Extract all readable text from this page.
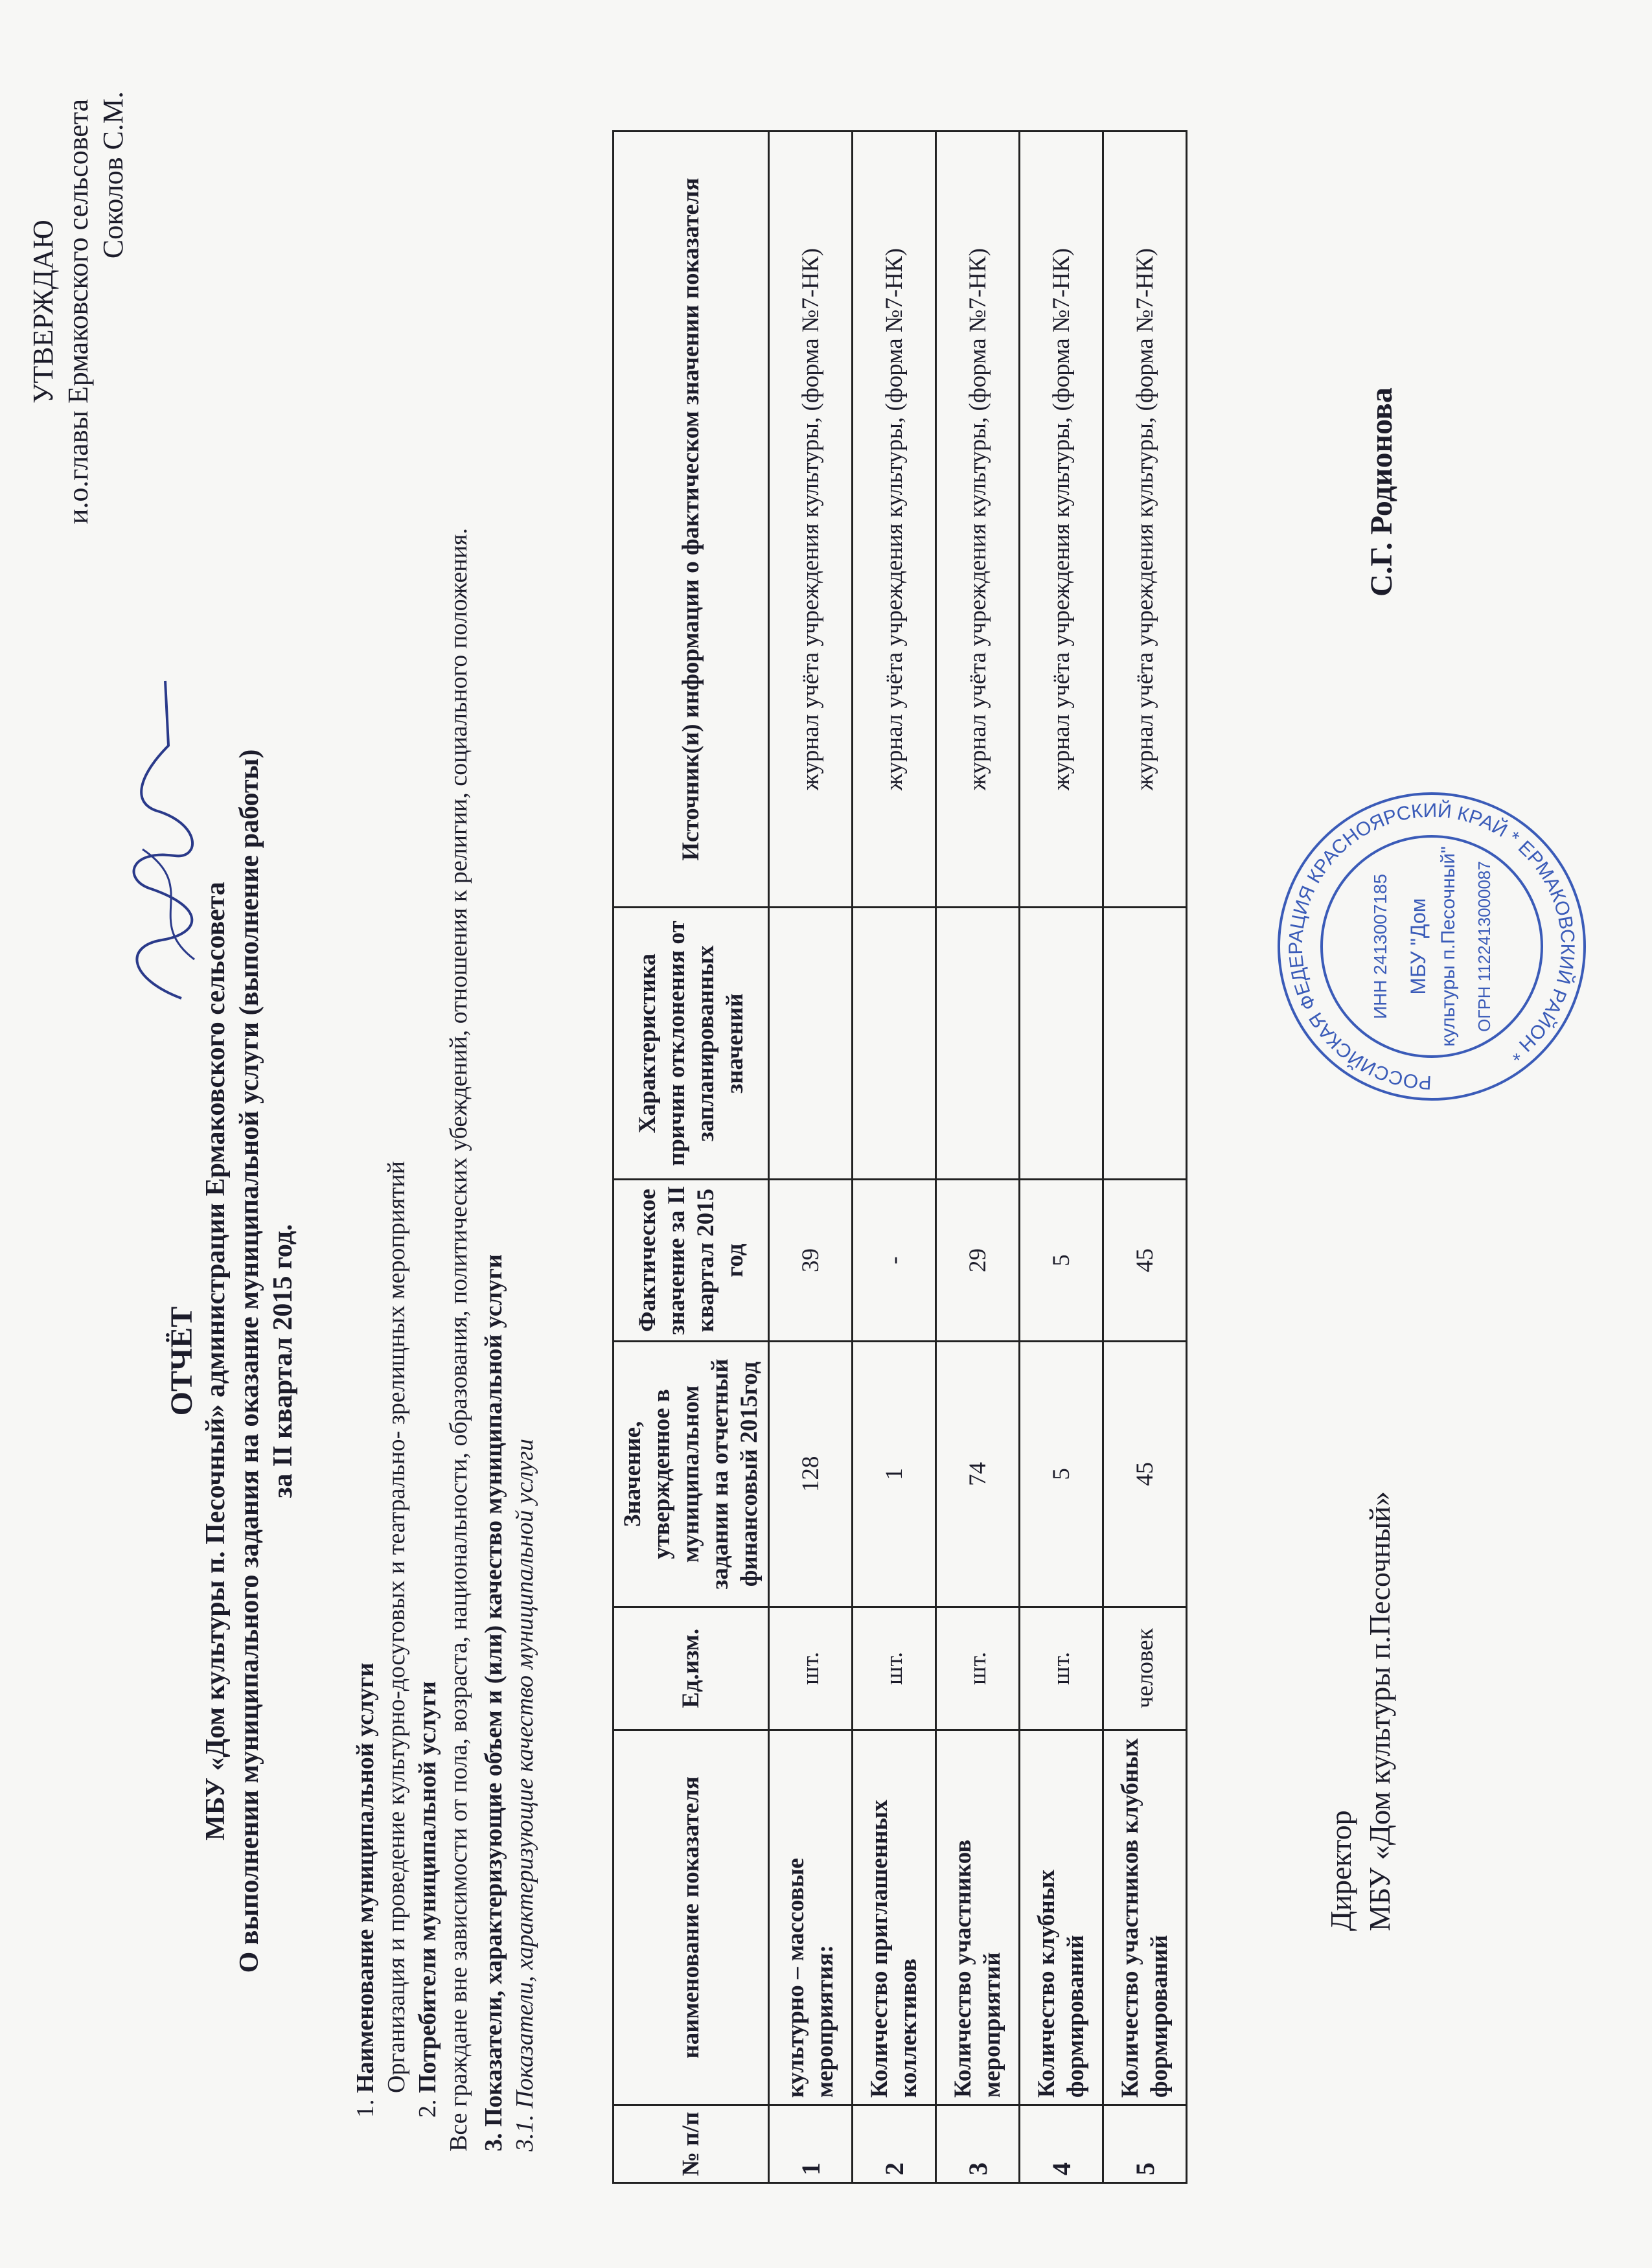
УТВЕРЖДАЮ и.о.главы Ермаковского сельсовета Соколов С.М.
ОТЧЁТ МБУ «Дом культуры п. Песочный» администрации Ермаковского сельсовета О выполнении муниципального задания на оказание муниципальной услуги (выполнение работы) за II квартал 2015 год.
1. Наименование муниципальной услуги Организация и проведение культурно-досуговых и театрально- зрелищных мероприятий 2. Потребители муниципальной услуги Все граждане вне зависимости от пола, возраста, национальности, образования, политических убеждений, отношения к религии, социального положения. 3. Показатели, характеризующие объем и (или) качество муниципальной услуги 3.1. Показатели, характеризующие качество муниципальной услуги	№ п/п	наименование показателя	Ед.изм.	Значение, утвержденное в муниципальном задании на отчетный финансовый 2015год	Фактическое значение за II квартал 2015 год	Характеристика причин отклонения от запланированных значений	Источник(и) информации о фактическом значении показателя
1	культурно – массовые мероприятия:	шт.	128	39		журнал учёта учреждения культуры, (форма №7-НК)
2	Количество приглашенных коллективов	шт.	1	-		журнал учёта учреждения культуры, (форма №7-НК)
3	Количество участников мероприятий	шт.	74	29		журнал учёта учреждения культуры, (форма №7-НК)
4	Количество клубных формирований	шт.	5	5		журнал учёта учреждения культуры, (форма №7-НК)
5	Количество участников клубных формирований	человек	45	45		журнал учёта учреждения культуры, (форма №7-НК)
Директор МБУ «Дом культуры п.Песочный»
С.Г. Родионова
РОССИЙСКАЯ ФЕДЕРАЦИЯ КРАСНОЯРСКИЙ КРАЙ * ЕРМАКОВСКИЙ РАЙОН *
ИНН 2413007185 МБУ "Дом культуры п.Песочный" ОГРН 1122413000087
